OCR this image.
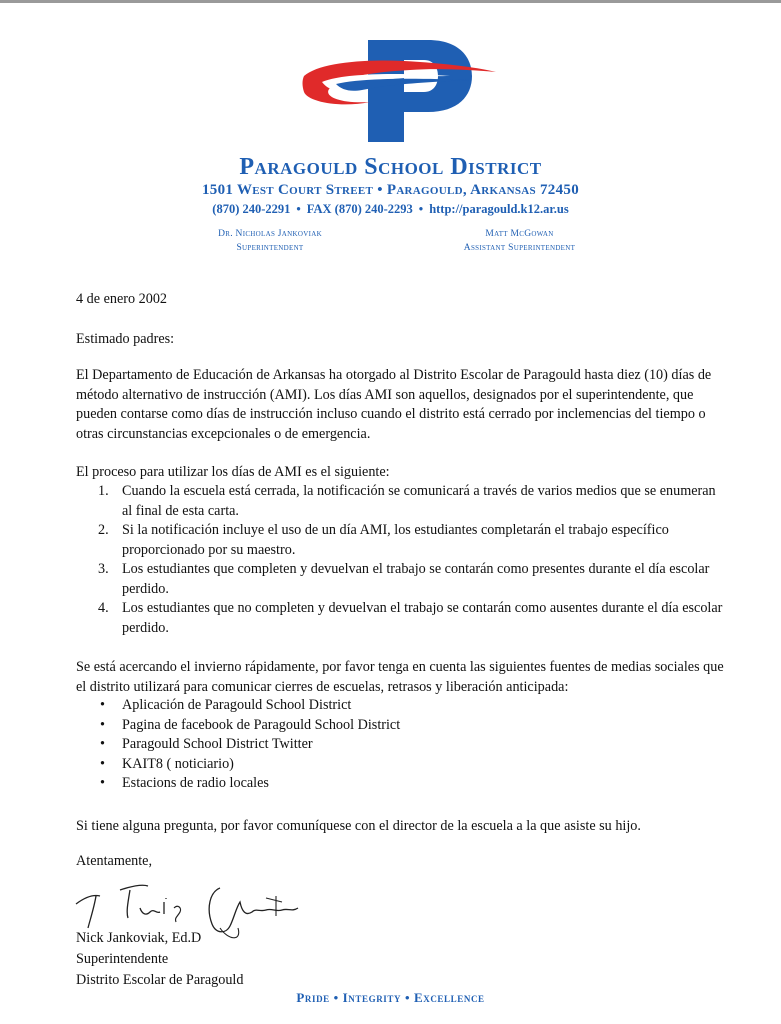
Paragould School District
1501 West Court Street • Paragould, Arkansas 72450
(870) 240-2291 • FAX (870) 240-2293 • http://paragould.k12.ar.us
Dr. Nicholas Jankoviak
Superintendent
Matt McGowan
Assistant Superintendent
4 de enero 2002
Estimado padres:
El Departamento de Educación de Arkansas ha otorgado al Distrito Escolar de Paragould hasta diez (10) días de método alternativo de instrucción (AMI). Los días AMI son aquellos, designados por el superintendente, que pueden contarse como días de instrucción incluso cuando el distrito está cerrado por inclemencias del tiempo o otras circunstancias excepcionales o de emergencia.
El proceso para utilizar los días de AMI es el siguiente:
1. Cuando la escuela está cerrada, la notificación se comunicará a través de varios medios que se enumeran al final de esta carta.
2. Si la notificación incluye el uso de un día AMI, los estudiantes completarán el trabajo específico proporcionado por su maestro.
3. Los estudiantes que completen y devuelvan el trabajo se contarán como presentes durante el día escolar perdido.
4. Los estudiantes que no completen y devuelvan el trabajo se contarán como ausentes durante el día escolar perdido.
Se está acercando el invierno rápidamente, por favor tenga en cuenta las siguientes fuentes de medias sociales que el distrito utilizará para comunicar cierres de escuelas, retrasos y liberación anticipada:
• Aplicación de Paragould School District
• Pagina de facebook de Paragould School District
• Paragould School District Twitter
• KAIT8 ( noticiario)
• Estacions de radio locales
Si tiene alguna pregunta, por favor comuníquese con el director de la escuela a la que asiste su hijo.
Atentamente,
Nick Jankoviak, Ed.D
Superintendente
Distrito Escolar de Paragould
Pride • Integrity • Excellence
